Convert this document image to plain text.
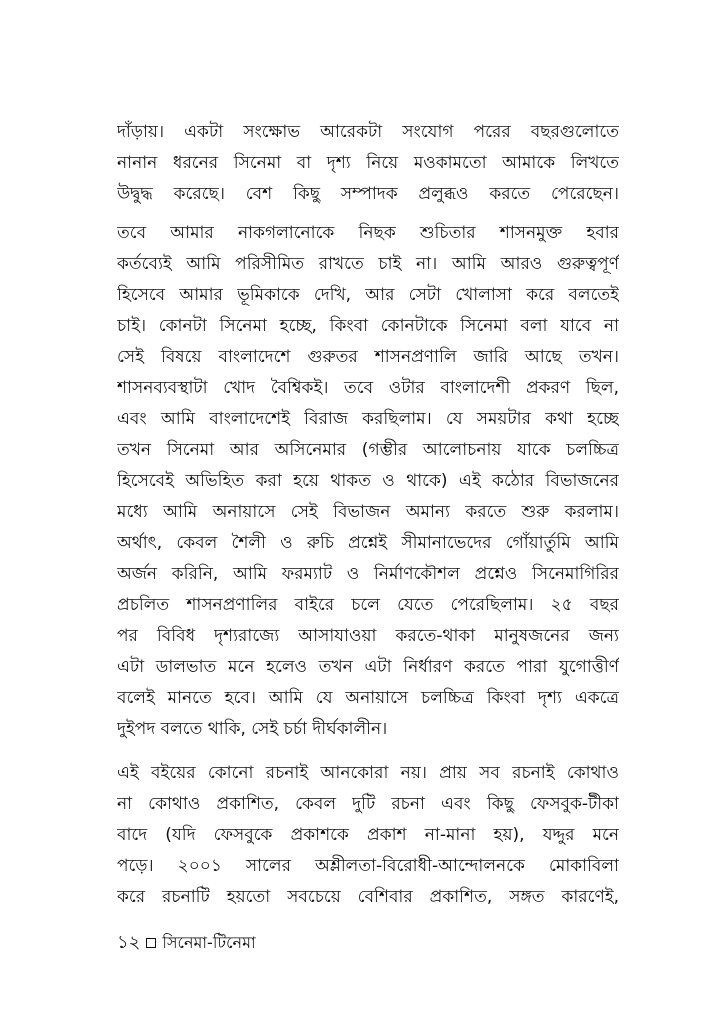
দাঁড়ায়। একটা সংক্ষোভ আরেকটা সংযোগ পরের বছরগুলোতে
নানান ধরনের সিনেমা বা দৃশ্য নিয়ে মওকামতো আমাকে লিখতে
উদ্বুদ্ধ করেছে। বেশ কিছু সম্পাদক প্রলুব্ধও করতে পেরেছেন।
তবে আমার নাকগলানোকে নিছক শুচিতার শাসনমুক্ত হবার
কর্তব্যেই আমি পরিসীমিত রাখতে চাই না। আমি আরও গুরুত্বপূর্ণ
হিসেবে আমার ভূমিকাকে দেখি, আর সেটা খোলাসা করে বলতেই
চাই। কোনটা সিনেমা হচ্ছে, কিংবা কোনটাকে সিনেমা বলা যাবে না
সেই বিষয়ে বাংলাদেশে গুরুতর শাসনপ্রণালি জারি আছে তখন।
শাসনব্যবস্থাটা খোদ বৈশ্বিকই। তবে ওটার বাংলাদেশী প্রকরণ ছিল,
এবং আমি বাংলাদেশেই বিরাজ করছিলাম। যে সময়টার কথা হচ্ছে
তখন সিনেমা আর অসিনেমার (গম্ভীর আলোচনায় যাকে চলচ্চিত্র
হিসেবেই অভিহিত করা হয়ে থাকত ও থাকে) এই কঠোর বিভাজনের
মধ্যে আমি অনায়াসে সেই বিভাজন অমান্য করতে শুরু করলাম।
অর্থাৎ, কেবল শৈলী ও রুচি প্রশ্নেই সীমানাভেদের গোঁয়ার্তুমি আমি
অর্জন করিনি, আমি ফরম্যাট ও নির্মাণকৌশল প্রশ্নেও সিনেমাগিরির
প্রচলিত শাসনপ্রণালির বাইরে চলে যেতে পেরেছিলাম। ২৫ বছর
পর বিবিধ দৃশ্যরাজ্যে আসাযাওয়া করতে-থাকা মানুষজনের জন্য
এটা ডালভাত মনে হলেও তখন এটা নির্ধারণ করতে পারা যুগোত্তীর্ণ
বলেই মানতে হবে। আমি যে অনায়াসে চলচ্চিত্র কিংবা দৃশ্য একত্রে
দুইপদ বলতে থাকি, সেই চর্চা দীর্ঘকালীন।
এই বইয়ের কোনো রচনাই আনকোরা নয়। প্রায় সব রচনাই কোথাও
না কোথাও প্রকাশিত, কেবল দুটি রচনা এবং কিছু ফেসবুক-টীকা
বাদে (যদি ফেসবুকে প্রকাশকে প্রকাশ না-মানা হয়), যদ্দুর মনে
পড়ে। ২০০১ সালের অশ্লীলতা-বিরোধী-আন্দোলনকে মোকাবিলা
করে রচনাটি হয়তো সবচেয়ে বেশিবার প্রকাশিত, সঙ্গত কারণেই,
১২ সিনেমা-টিনেমা
